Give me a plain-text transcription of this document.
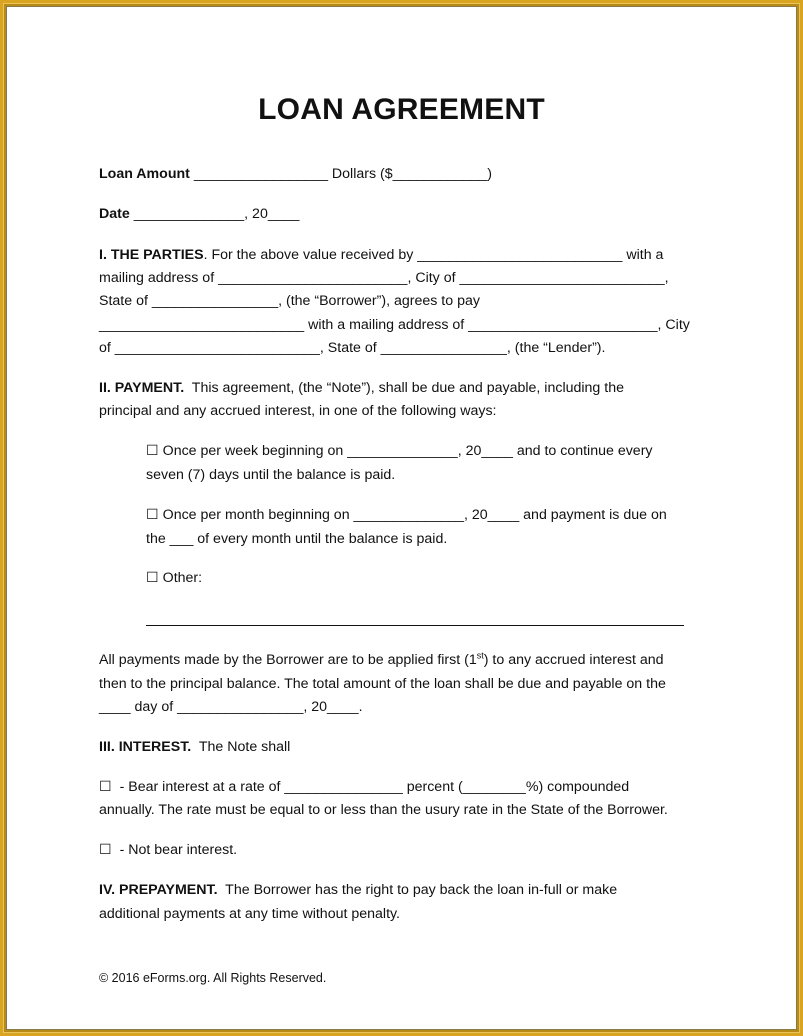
LOAN AGREEMENT
Loan Amount _________________ Dollars ($____________)
Date ______________, 20____
I. THE PARTIES. For the above value received by __________________________ with a
mailing address of ________________________, City of __________________________,
State of ________________, (the “Borrower”), agrees to pay
__________________________ with a mailing address of ________________________, City
of __________________________, State of ________________, (the “Lender”).
II. PAYMENT.  This agreement, (the “Note”), shall be due and payable, including the
principal and any accrued interest, in one of the following ways:
☐ Once per week beginning on ______________, 20____ and to continue every
seven (7) days until the balance is paid.
☐ Once per month beginning on ______________, 20____ and payment is due on
the ___ of every month until the balance is paid.
☐ Other:
All payments made by the Borrower are to be applied first (1st) to any accrued interest and
then to the principal balance. The total amount of the loan shall be due and payable on the
____ day of ________________, 20____.
III. INTEREST.  The Note shall
☐  - Bear interest at a rate of _______________ percent (________%) compounded
annually. The rate must be equal to or less than the usury rate in the State of the Borrower.
☐  - Not bear interest.
IV. PREPAYMENT.  The Borrower has the right to pay back the loan in-full or make
additional payments at any time without penalty.
© 2016 eForms.org. All Rights Reserved.
